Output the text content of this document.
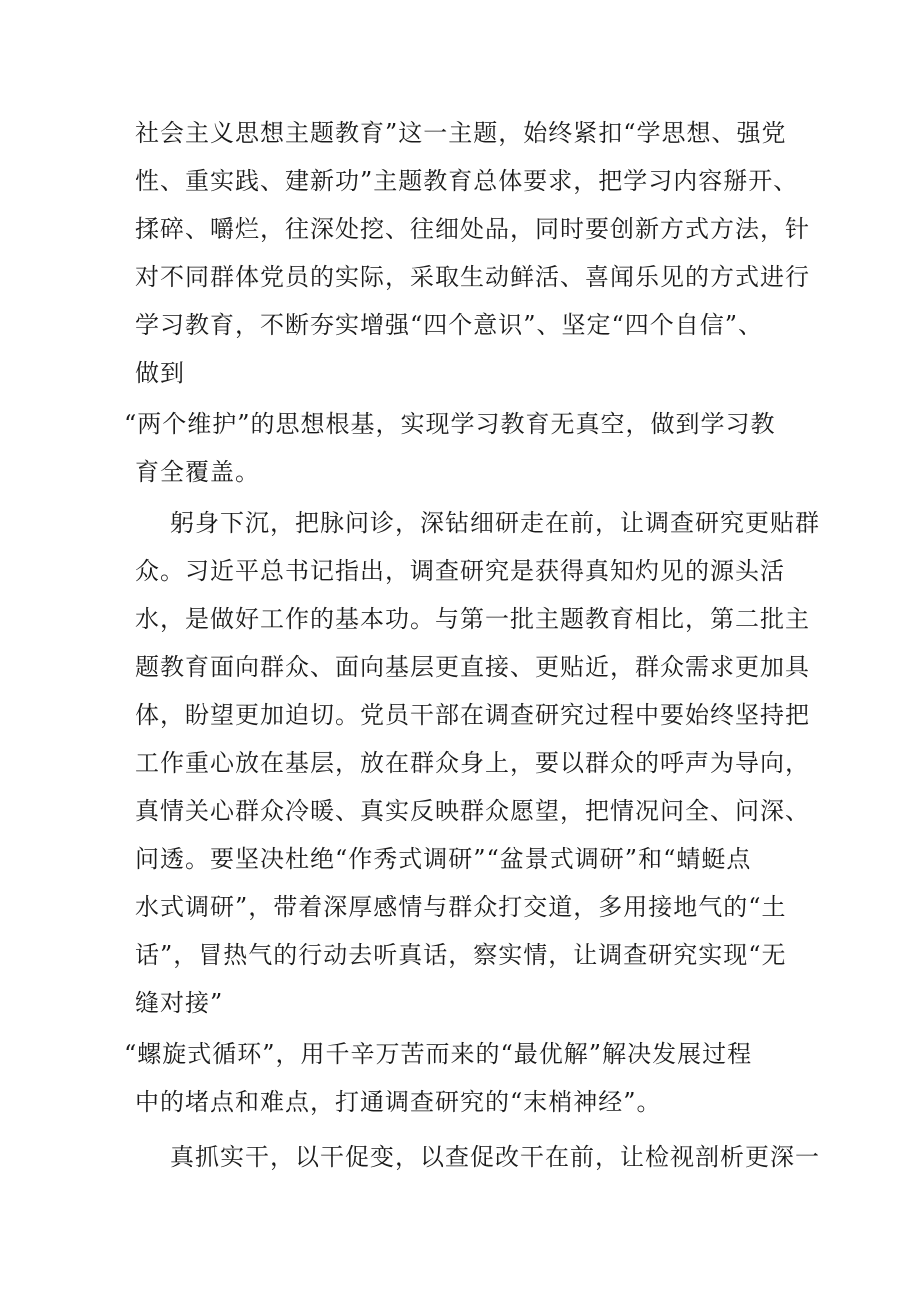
社会主义思想主题教育”这一主题，始终紧扣“学思想、强党
性、重实践、建新功”主题教育总体要求，把学习内容掰开、
揉碎、嚼烂，往深处挖、往细处品，同时要创新方式方法，针
对不同群体党员的实际，采取生动鲜活、喜闻乐见的方式进行
学习教育，不断夯实增强“四个意识”、坚定“四个自信”、
做到
“两个维护”的思想根基，实现学习教育无真空，做到学习教
育全覆盖。
躬身下沉，把脉问诊，深钻细研走在前，让调查研究更贴群
众。习近平总书记指出，调查研究是获得真知灼见的源头活
水，是做好工作的基本功。与第一批主题教育相比，第二批主
题教育面向群众、面向基层更直接、更贴近，群众需求更加具
体，盼望更加迫切。党员干部在调查研究过程中要始终坚持把
工作重心放在基层，放在群众身上，要以群众的呼声为导向，
真情关心群众冷暖、真实反映群众愿望，把情况问全、问深、
问透。要坚决杜绝“作秀式调研”“盆景式调研”和“蜻蜓点
水式调研”，带着深厚感情与群众打交道，多用接地气的“土
话”，冒热气的行动去听真话，察实情，让调查研究实现“无
缝对接”
“螺旋式循环”，用千辛万苦而来的“最优解”解决发展过程
中的堵点和难点，打通调查研究的“末梢神经”。
真抓实干，以干促变，以查促改干在前，让检视剖析更深一
